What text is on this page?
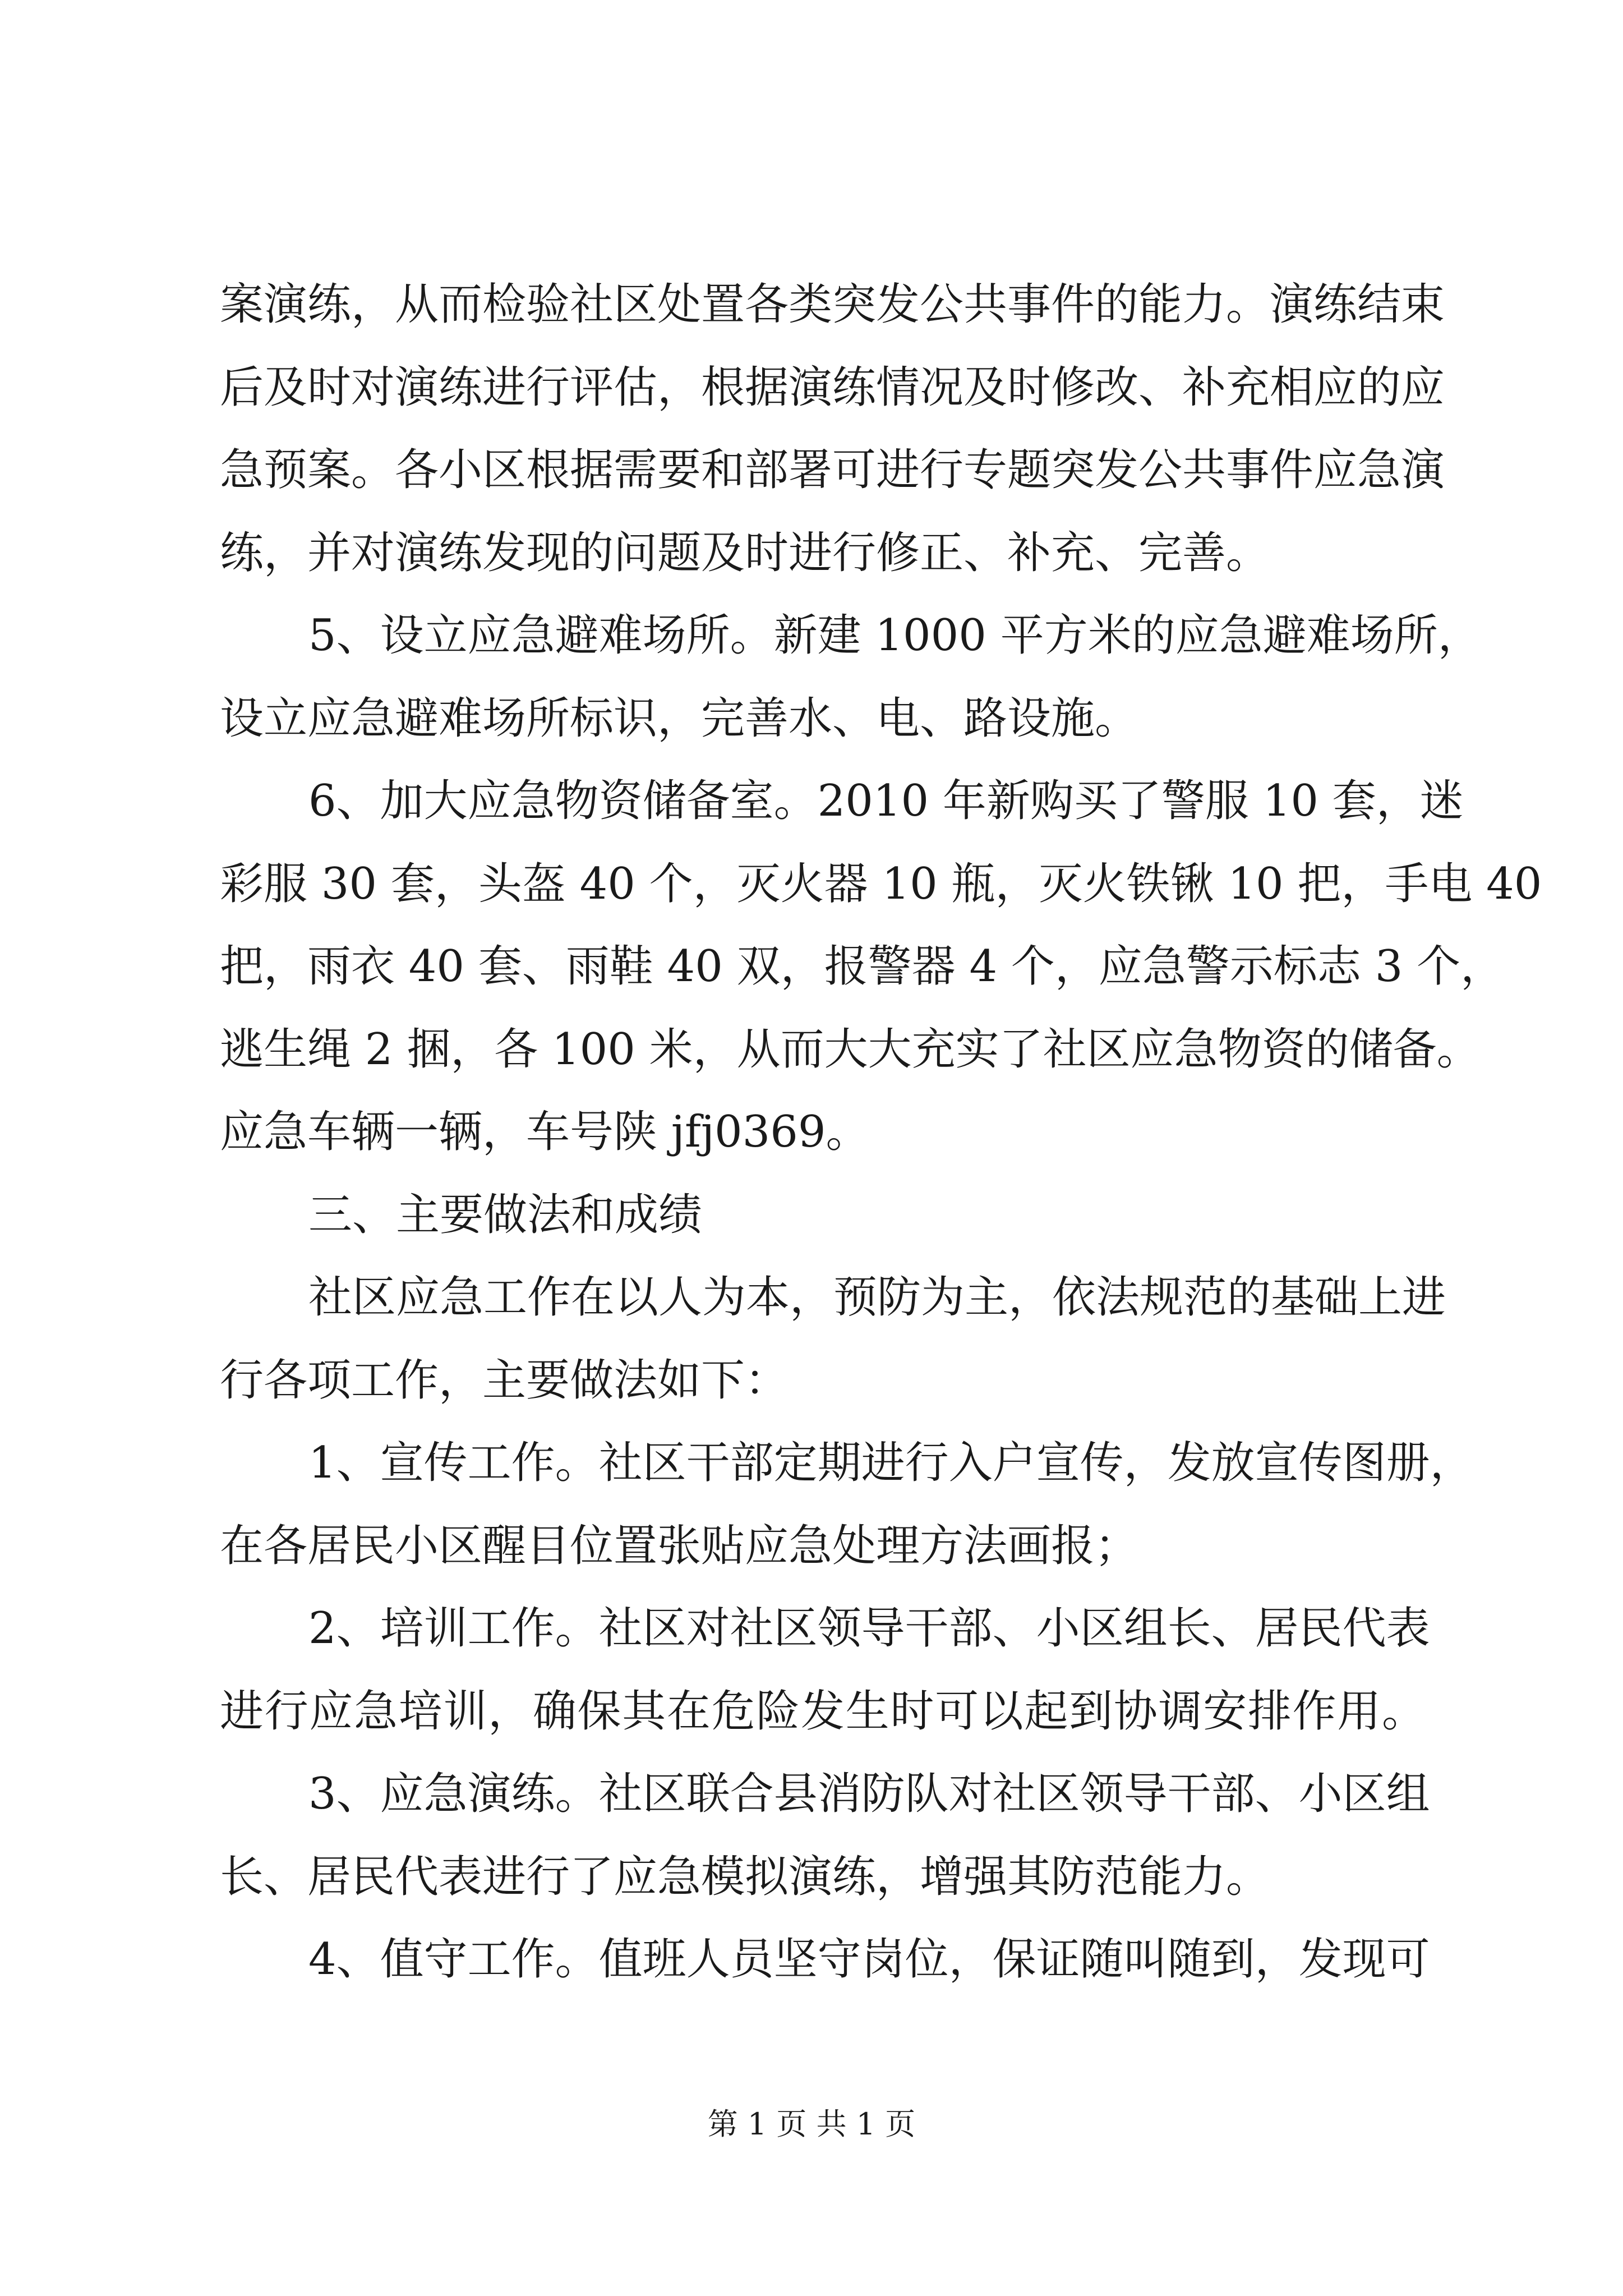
案演练，从而检验社区处置各类突发公共事件的能力。演练结束
后及时对演练进行评估，根据演练情况及时修改、补充相应的应
急预案。各小区根据需要和部署可进行专题突发公共事件应急演
练，并对演练发现的问题及时进行修正、补充、完善。
5、设立应急避难场所。新建 1000 平方米的应急避难场所，
设立应急避难场所标识，完善水、电、路设施。
6、加大应急物资储备室。2010 年新购买了警服 10 套，迷
彩服 30 套，头盔 40 个，灭火器 10 瓶，灭火铁锹 10 把，手电 40
把，雨衣 40 套、雨鞋 40 双，报警器 4 个，应急警示标志 3 个，
逃生绳 2 捆，各 100 米，从而大大充实了社区应急物资的储备。
应急车辆一辆，车号陕 jfj0369。
三、主要做法和成绩
社区应急工作在以人为本，预防为主，依法规范的基础上进
行各项工作，主要做法如下：
1、宣传工作。社区干部定期进行入户宣传，发放宣传图册，
在各居民小区醒目位置张贴应急处理方法画报；
2、培训工作。社区对社区领导干部、小区组长、居民代表
进行应急培训，确保其在危险发生时可以起到协调安排作用。
3、应急演练。社区联合县消防队对社区领导干部、小区组
长、居民代表进行了应急模拟演练，增强其防范能力。
4、值守工作。值班人员坚守岗位，保证随叫随到，发现可
第 1 页 共 1 页
